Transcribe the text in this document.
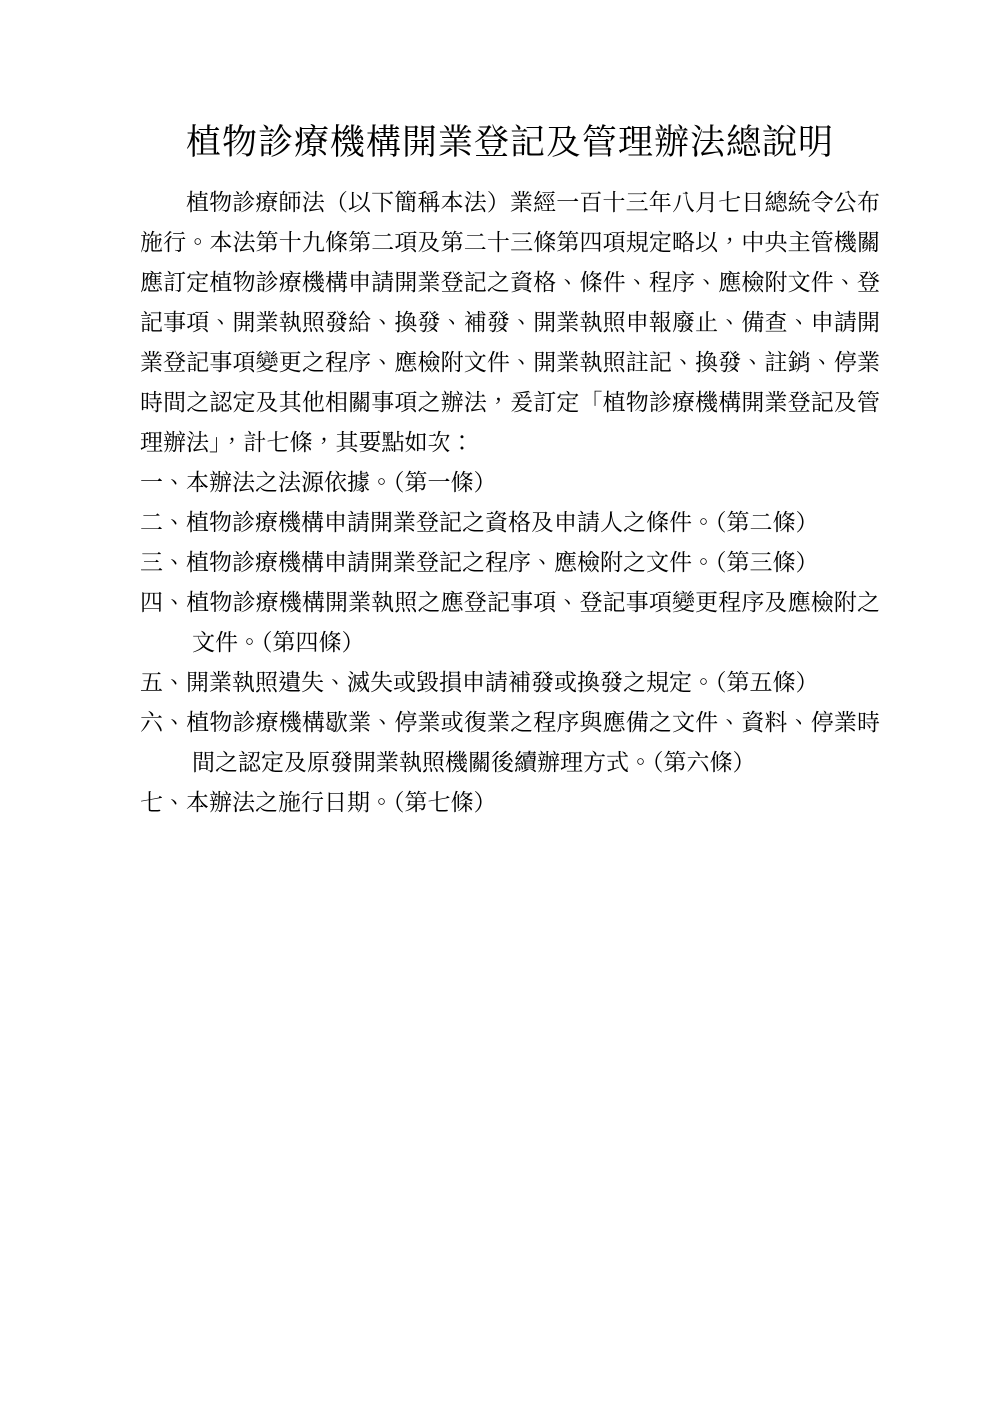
植物診療機構開業登記及管理辦法總說明

植物診療師法（以下簡稱本法）業經一百十三年八月七日總統令公布施行。本法第十九條第二項及第二十三條第四項規定略以，中央主管機關應訂定植物診療機構申請開業登記之資格、條件、程序、應檢附文件、登記事項、開業執照發給、換發、補發、開業執照申報廢止、備查、申請開業登記事項變更之程序、應檢附文件、開業執照註記、換發、註銷、停業時間之認定及其他相關事項之辦法，爰訂定「植物診療機構開業登記及管理辦法」，計七條，其要點如次：

一、本辦法之法源依據。（第一條）
二、植物診療機構申請開業登記之資格及申請人之條件。（第二條）
三、植物診療機構申請開業登記之程序、應檢附之文件。（第三條）
四、植物診療機構開業執照之應登記事項、登記事項變更程序及應檢附之文件。（第四條）
五、開業執照遺失、滅失或毀損申請補發或換發之規定。（第五條）
六、植物診療機構歇業、停業或復業之程序與應備之文件、資料、停業時間之認定及原發開業執照機關後續辦理方式。（第六條）
七、本辦法之施行日期。（第七條）
